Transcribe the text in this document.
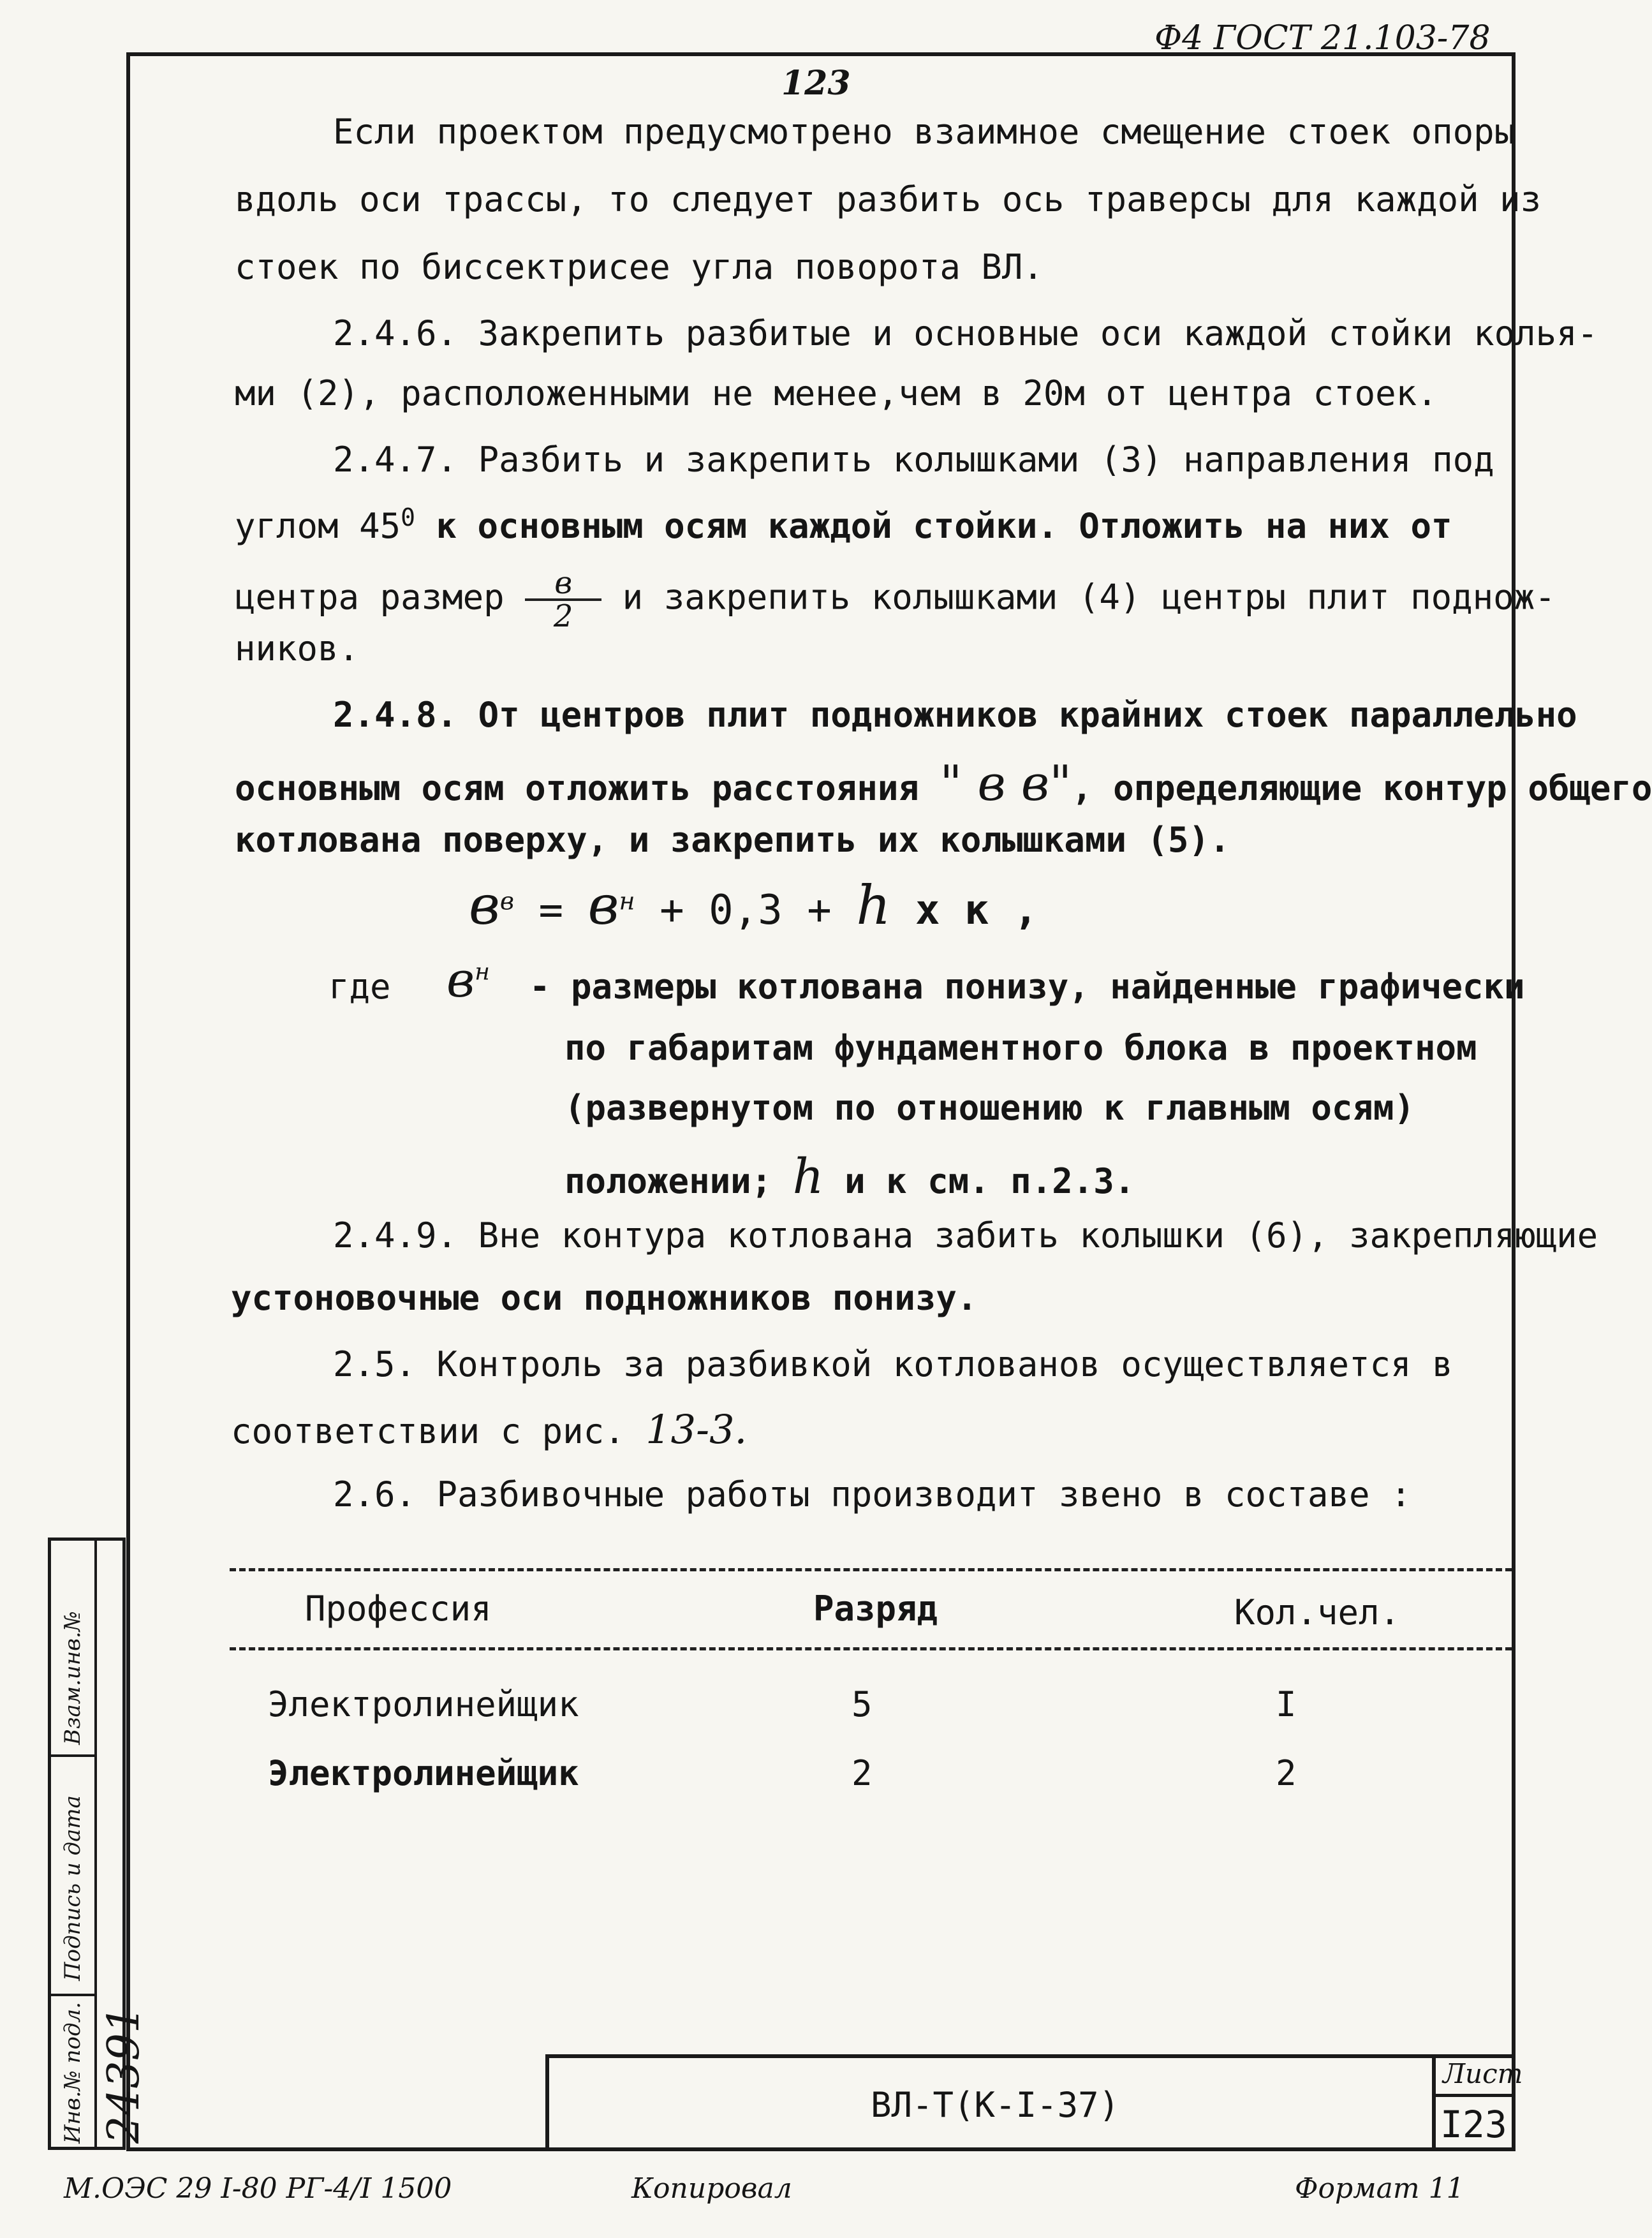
Ф4 ГОСТ 21.103-78
123
Если проектом предусмотрено взаимное смещение стоек опоры
вдоль оси трассы, то следует разбить ось траверсы для каждой из
стоек по биссектрисее угла поворота ВЛ.
2.4.6. Закрепить разбитые и основные оси каждой стойки колья-
ми (2), расположенными не менее,чем в 20м от центра стоек.
2.4.7. Разбить и закрепить колышками (3) направления под
углом $45^0$ к основным осям каждой стойки. Отложить на них от
центра размер	в
2	и закрепить колышками (4) центры плит поднож-
ников.
2.4.8. От центров плит подножников крайних стоек параллельно
основным осям отложить расстояния " в в", определяющие контур общего
котлована поверху, и закрепить их колышками (5).
$в^в = в^н + 0,3 + h$ х к ,
где $в^н$ - размеры котлована понизу, найденные графически
по габаритам фундаментного блока в проектном
(развернутом по отношению к главным осям)
положении; h и к см. п.2.3.
2.4.9. Вне контура котлована забить колышки (6), закрепляющие
устоновочные оси подножников понизу.
2.5. Контроль за разбивкой котлованов осуществляется в
соответствии с рис. 13-3.
2.6. Разбивочные работы производит звено в составе :
Профессия	Разряд	Кол.чел.
Электролинейщик	5	I
Электролинейщик	2	2
Взам.инв.№
Подпись и дата
Инв.№ подл. 24391	ВЛ-Т(К-I-37)
Лист
I23
М.ОЭС 29 І-80 РГ-4/І 1500	Копировал	Формат 11
